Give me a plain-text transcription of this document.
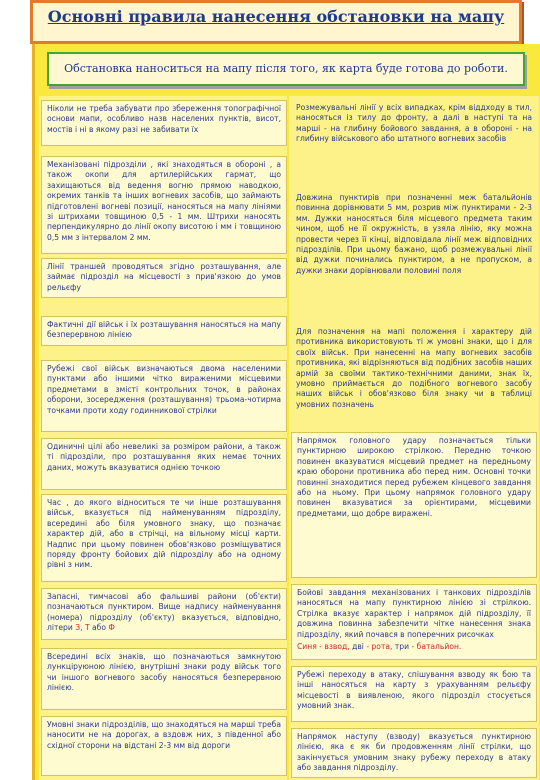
Основні правила нанесення обстановки на мапу
Обстановка наноситься на мапу після того, як карта буде готова до роботи.
Ніколи не треба забувати про збереження топографічної основи мапи, особливо назв населених пунктів, висот, мостів і ні в якому разі не забивати їх
Механізовані підрозділи , які знаходяться в обороні , а також окопи для артилерійських гармат, що захищаються від ведення вогню прямою наводкою, окремих танків та інших вогневих засобів, що займають підготовлені вогневі позиції, наносяться на мапу лініями зі штрихами товщиною 0,5 - 1 мм. Штрихи наносять перпендикулярно до лінії окопу висотою і мм і товщиною 0,5 мм з інтервалом 2 мм.
Лінії траншей проводяться згідно розташування, але займає підрозділ на місцевості з прив'язкою до умов рельєфу
Фактичні дії військ і їх розташування наносяться на мапу безперервною лінією
Рубежі свої військ визначаються двома населеними пунктами або іншими чітко вираженими місцевими предметами в змісті контрольних точок, в районах оборони, зосередження (розташування) трьома-чотирма точками проти ходу годинникової стрілки
Одиничні цілі або невеликі за розміром райони, а також ті підрозділи, про розташування яких немає точних даних, можуть вказуватися однією точкою
Час , до якого відноситься те чи інше розташування військ, вказується під найменуванням підрозділу, всередині або біля умовного знаку, що позначає характер дій, або в стрічці, на вільному місці карти. Надпис при цьому повинен обов'язково розміщуватися поряду фронту бойових дій підрозділу або на одному рівні з ним.
Запасні, тимчасові або фальшиві райони (об'єкти) позначаються пунктиром. Вище надпису найменування (номера) підрозділу (об'єкту) вказується, відповідно, літери З, Т або Ф
Всередині всіх знаків, що позначаються замкнутою лункціруюною лінією, внутрішні знаки роду військ того чи іншого вогневого засобу наносяться безперервною лінією.
Умовні знаки підрозділів, що знаходяться на марші треба наносити не на дорогах, а вздовж них, з південної або східної сторони на відстані 2-3 мм від дороги
Розмежувальні лінії у всіх випадках, крім віддходу в тил, наносяться із тилу до фронту, а далі в наступі та на марші - на глибину бойового завдання, а в обороні - на глибину військового або штатного вогневих засобів
Довжина пунктирів при позначенні меж батальйонів повинна дорівнювати 5 мм, розрив між пунктирами - 2-3 мм. Дужки наносяться біля місцевого предмета таким чином, щоб не її окружність, в узяла лінію, яку можна провести через її кінці, відповідала лінії меж відповідних підрозділів. При цьому бажано, щоб розмежувальні лінії від дужки починались пунктиром, а не пропуском, а дужки знаки дорівнювали половині поля
Для позначення на мапі положення і характеру дій противника використовують ті ж умовні знаки, що і для своїх військ. При нанесенні на мапу вогневих засобів противника, які відрізняються від подібних засобів наших армій за своїми тактико-технічними даними, знак їх, умовно приймається до подібного вогневого засобу наших військ і обов'язково біля знаку чи в таблиці умовних позначень
Напрямок головного удару позначається тільки пунктирною широкою стрілкою. Передню точкою повинен вказуватися місцевий предмет на передньому краю оборони противника або перед ним. Основні точки повинні знаходитися перед рубежем кінцевого завдання або на ньому. При цьому напрямок головного удару повинен вказуватися за орієнтирами, місцевими предметами, що добре виражені.
Бойові завдання механізованих і танкових підрозділів наносяться на мапу пунктирною лінією зі стрілкою. Стрілка вказує характер і напрямок дій підрозділу, її довжина повинна забезпечити чітке нанесення знака підрозділу, який почався в поперечних рисочках
Синя - взвод, дві - рота, три - батальйон.
Рубежі переходу в атаку, спішування взводу як бою та інші наносяться на карту з урахуванням рельєфу місцевості в виявленою, якого підрозділ стосується умовний знак.
Напрямок наступу (взводу) вказується пунктирною лінією, яка є як би продовженням лінії стрілки, що закінчується умовним знаку рубежу переходу в атаку або завдання підрозділу.
